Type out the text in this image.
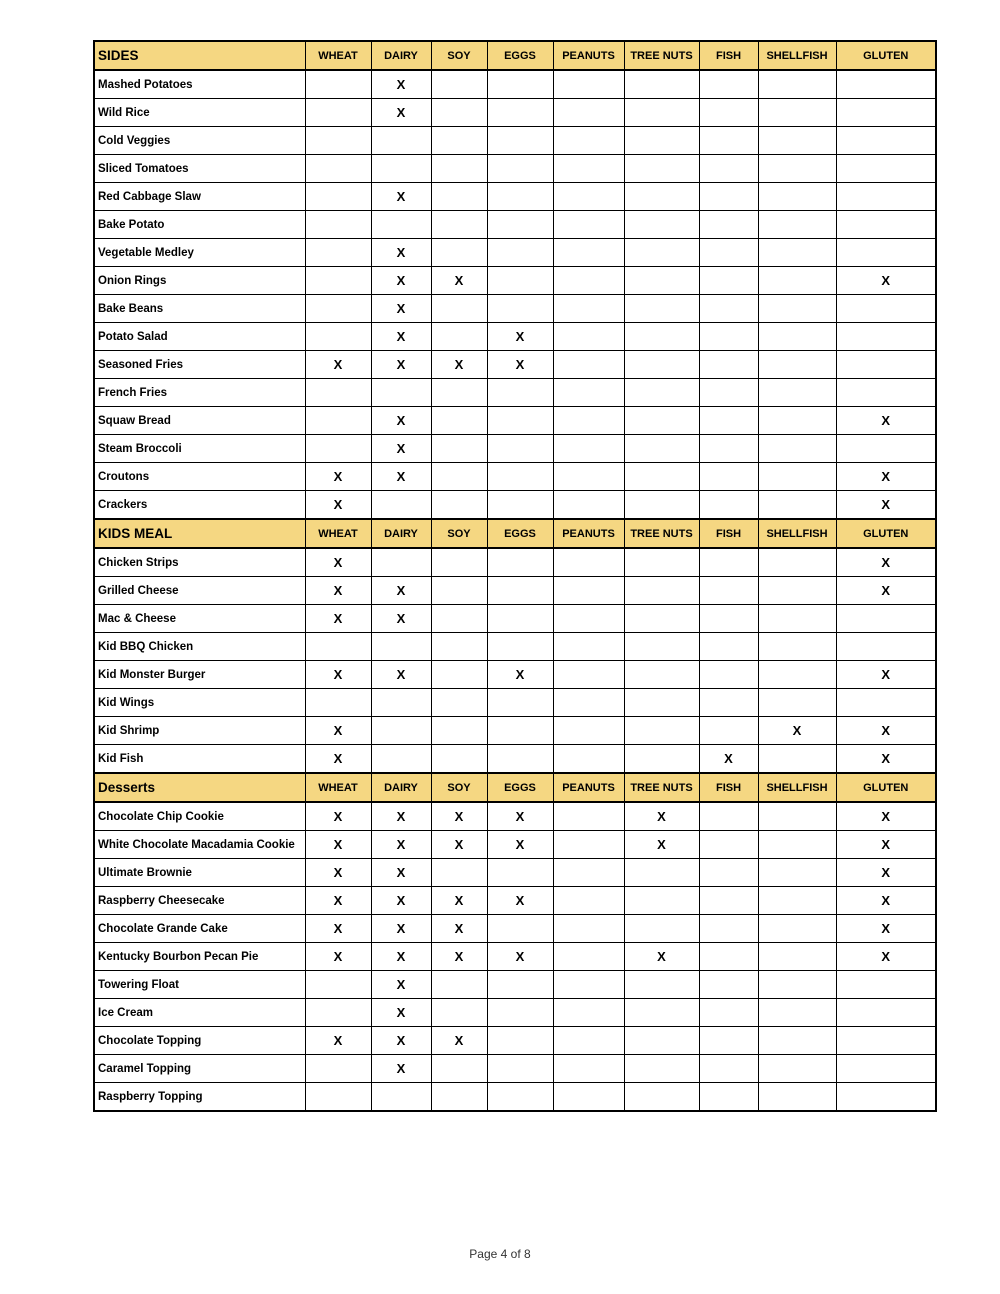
SIDES	WHEAT	DAIRY	SOY	EGGS	PEANUTS	TREE NUTS	FISH	SHELLFISH	GLUTEN
Mashed Potatoes		X							
Wild Rice		X							
Cold Veggies									
Sliced Tomatoes									
Red Cabbage Slaw		X							
Bake Potato									
Vegetable Medley		X							
Onion Rings		X	X						X
Bake Beans		X							
Potato Salad		X		X					
Seasoned Fries	X	X	X	X					
French Fries									
Squaw Bread		X							X
Steam Broccoli		X							
Croutons	X	X							X
Crackers	X								X
KIDS MEAL	WHEAT	DAIRY	SOY	EGGS	PEANUTS	TREE NUTS	FISH	SHELLFISH	GLUTEN
Chicken Strips	X								X
Grilled Cheese	X	X							X
Mac & Cheese	X	X							
Kid BBQ Chicken									
Kid Monster Burger	X	X		X					X
Kid Wings									
Kid Shrimp	X							X	X
Kid Fish	X						X		X
Desserts	WHEAT	DAIRY	SOY	EGGS	PEANUTS	TREE NUTS	FISH	SHELLFISH	GLUTEN
Chocolate Chip Cookie	X	X	X	X		X			X
White Chocolate Macadamia Cookie	X	X	X	X		X			X
Ultimate Brownie	X	X							X
Raspberry Cheesecake	X	X	X	X					X
Chocolate Grande Cake	X	X	X						X
Kentucky Bourbon Pecan Pie	X	X	X	X		X			X
Towering Float		X							
Ice Cream		X							
Chocolate Topping	X	X	X						
Caramel Topping		X							
Raspberry Topping									
Page 4 of 8
